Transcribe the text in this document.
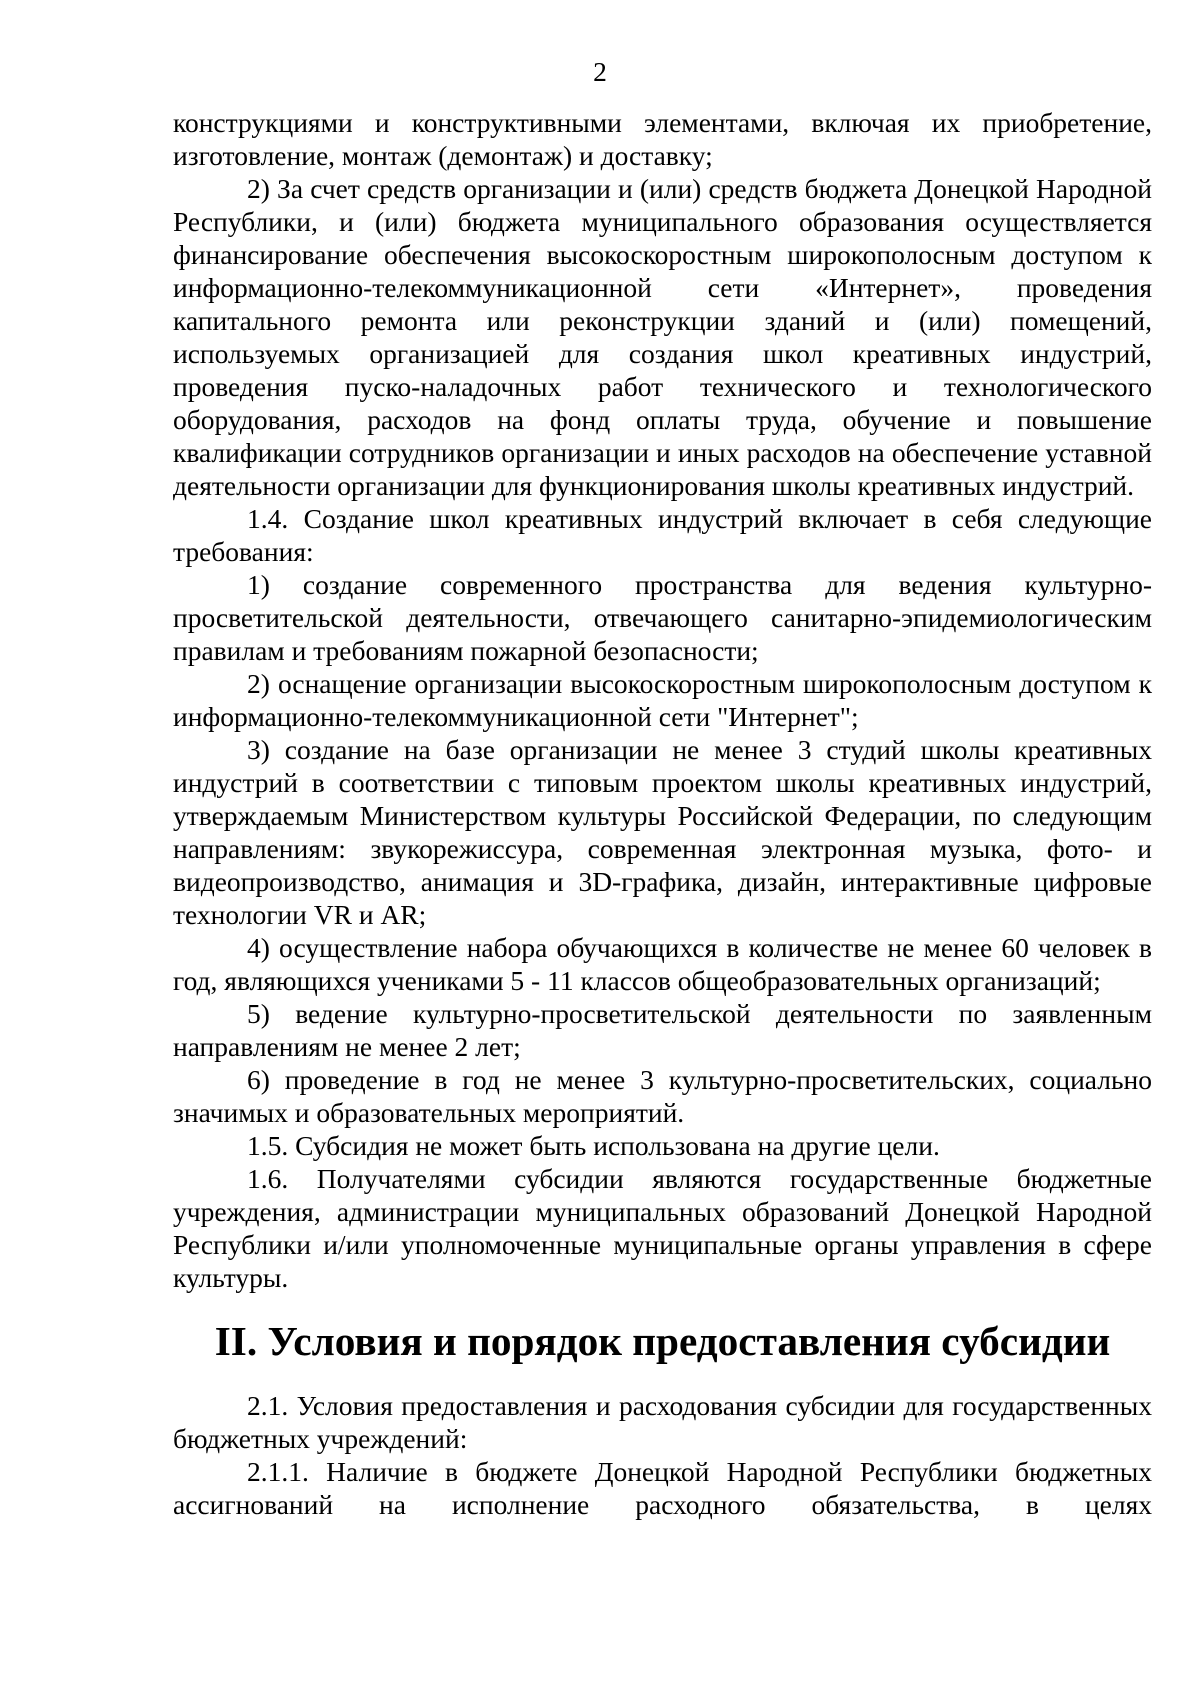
2

конструкциями и конструктивными элементами, включая их приобретение, изготовление, монтаж (демонтаж) и доставку;

2) За счет средств организации и (или) средств бюджета Донецкой Народной Республики, и (или) бюджета муниципального образования осуществляется финансирование обеспечения высокоскоростным широкополосным доступом к информационно-телекоммуникационной сети «Интернет», проведения капитального ремонта или реконструкции зданий и (или) помещений, используемых организацией для создания школ креативных индустрий, проведения пуско-наладочных работ технического и технологического оборудования, расходов на фонд оплаты труда, обучение и повышение квалификации сотрудников организации и иных расходов на обеспечение уставной деятельности организации для функционирования школы креативных индустрий.

1.4. Создание школ креативных индустрий включает в себя следующие требования:

1) создание современного пространства для ведения культурно-просветительской деятельности, отвечающего санитарно-эпидемиологическим правилам и требованиям пожарной безопасности;

2) оснащение организации высокоскоростным широкополосным доступом к информационно-телекоммуникационной сети "Интернет";

3) создание на базе организации не менее 3 студий школы креативных индустрий в соответствии с типовым проектом школы креативных индустрий, утверждаемым Министерством культуры Российской Федерации, по следующим направлениям: звукорежиссура, современная электронная музыка, фото- и видеопроизводство, анимация и 3D-графика, дизайн, интерактивные цифровые технологии VR и AR;

4) осуществление набора обучающихся в количестве не менее 60 человек в год, являющихся учениками 5 - 11 классов общеобразовательных организаций;

5) ведение культурно-просветительской деятельности по заявленным направлениям не менее 2 лет;

6) проведение в год не менее 3 культурно-просветительских, социально значимых и образовательных мероприятий.

1.5. Субсидия не может быть использована на другие цели.

1.6. Получателями субсидии являются государственные бюджетные учреждения, администрации муниципальных образований Донецкой Народной Республики и/или уполномоченные муниципальные органы управления в сфере культуры.

II. Условия и порядок предоставления субсидии

2.1. Условия предоставления и расходования субсидии для государственных бюджетных учреждений:

2.1.1. Наличие в бюджете Донецкой Народной Республики бюджетных ассигнований на исполнение расходного обязательства, в целях
